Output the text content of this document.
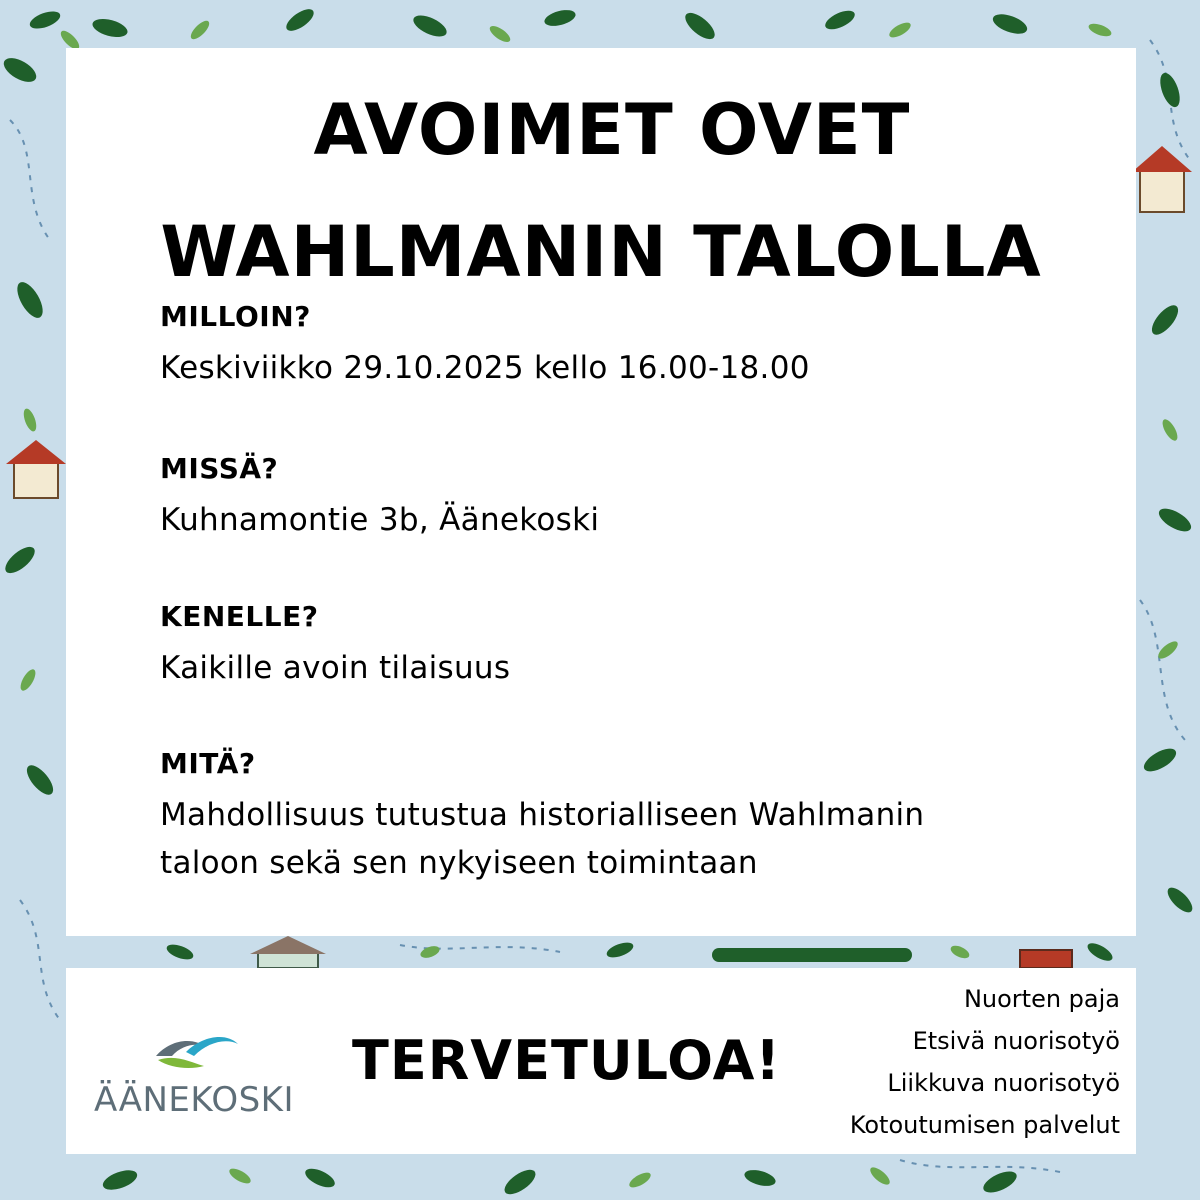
AVOIMET OVET
WAHLMANIN TALOLLA
MILLOIN?
Keskiviikko 29.10.2025 kello 16.00-18.00
MISSÄ?
Kuhnamontie 3b, Äänekoski
KENELLE?
Kaikille avoin tilaisuus
MITÄ?
Mahdollisuus tutustua historialliseen Wahlmanin
taloon sekä sen nykyiseen toimintaan
ÄÄNEKOSKI
TERVETULOA!
Nuorten paja
Etsivä nuorisotyö
Liikkuva nuorisotyö
Kotoutumisen palvelut
